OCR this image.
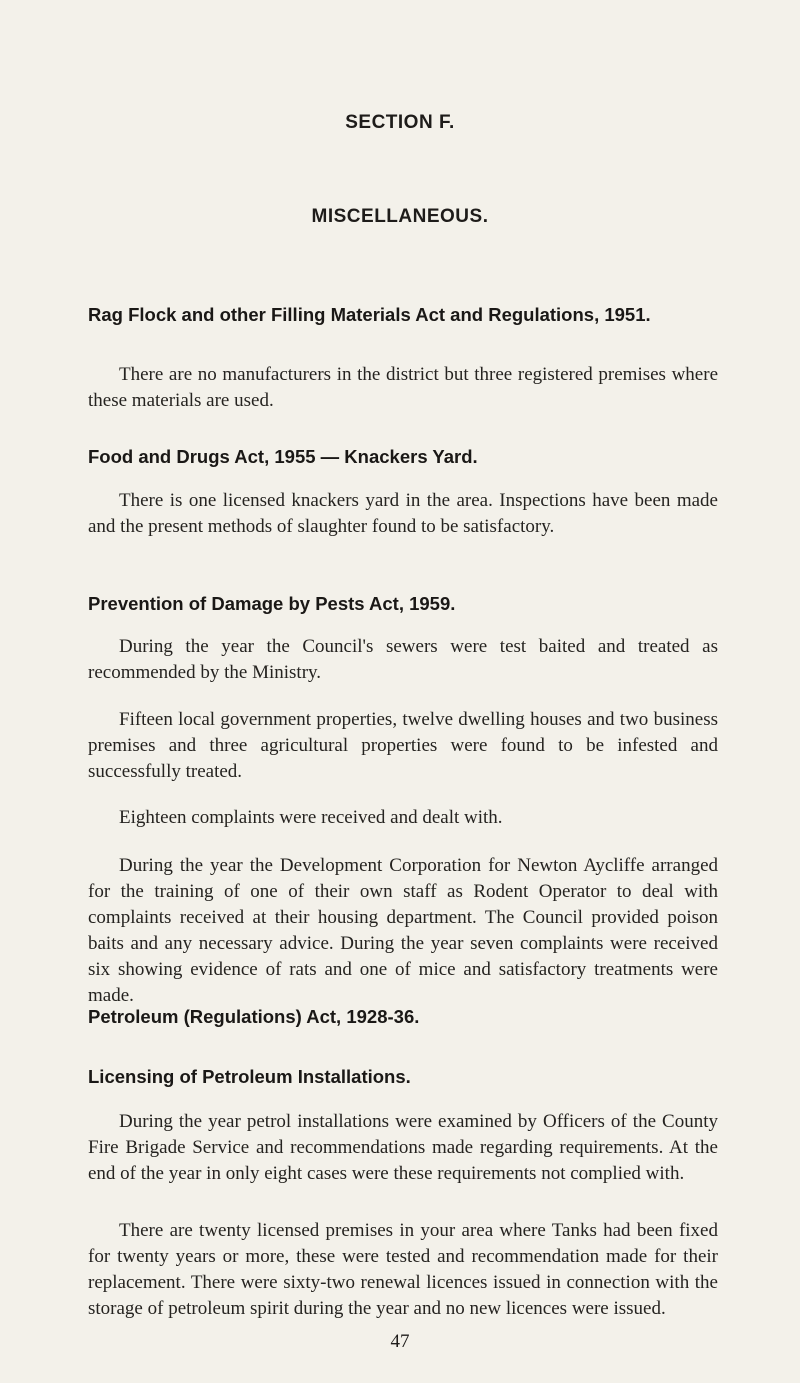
SECTION F.
MISCELLANEOUS.
Rag Flock and other Filling Materials Act and Regulations, 1951.

There are no manufacturers in the district but three registered premises where these materials are used.

Food and Drugs Act, 1955 — Knackers Yard.

There is one licensed knackers yard in the area. Inspections have been made and the present methods of slaughter found to be satisfactory.

Prevention of Damage by Pests Act, 1959.

During the year the Council's sewers were test baited and treated as recommended by the Ministry.

Fifteen local government properties, twelve dwelling houses and two business premises and three agricultural properties were found to be infested and successfully treated.

Eighteen complaints were received and dealt with.

During the year the Development Corporation for Newton Aycliffe arranged for the training of one of their own staff as Rodent Operator to deal with complaints received at their housing department. The Council provided poison baits and any necessary advice. During the year seven complaints were received six showing evidence of rats and one of mice and satisfactory treatments were made.

Petroleum (Regulations) Act, 1928-36.
Licensing of Petroleum Installations.

During the year petrol installations were examined by Officers of the County Fire Brigade Service and recommendations made regarding requirements. At the end of the year in only eight cases were these requirements not complied with.

There are twenty licensed premises in your area where Tanks had been fixed for twenty years or more, these were tested and recommendation made for their replacement. There were sixty-two renewal licences issued in connection with the storage of petroleum spirit during the year and no new licences were issued.

47
